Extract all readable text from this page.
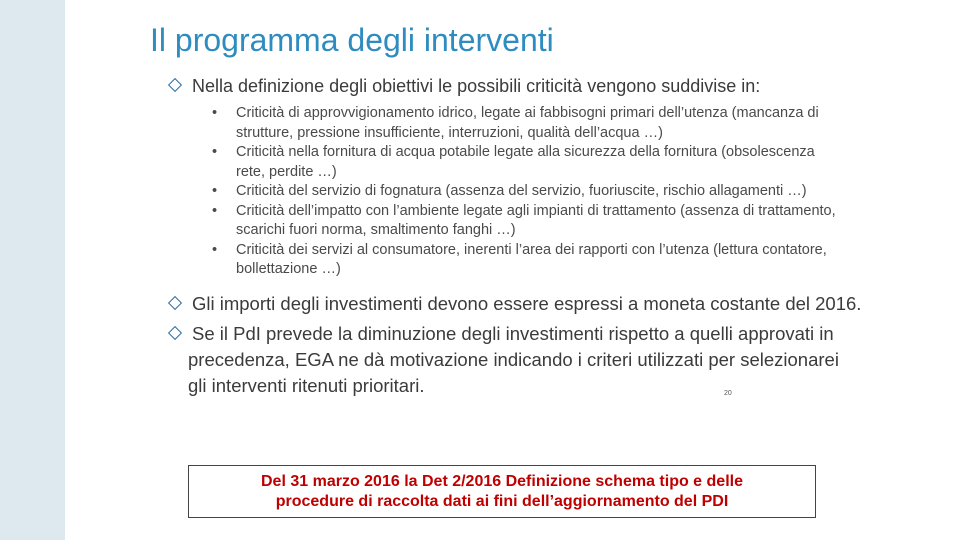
Il programma degli interventi
Nella definizione degli obiettivi le possibili criticità vengono suddivise in:
• Criticità di approvvigionamento idrico, legate ai fabbisogni primari dell’utenza (mancanza di
strutture, pressione insufficiente, interruzioni, qualità dell’acqua …)
• Criticità nella fornitura di acqua potabile legate alla sicurezza della fornitura (obsolescenza
rete, perdite …)
• Criticità del servizio di fognatura (assenza del servizio, fuoriuscite, rischio allagamenti …)
• Criticità dell’impatto con l’ambiente legate agli impianti di trattamento (assenza di trattamento,
scarichi fuori norma, smaltimento fanghi …)
• Criticità dei servizi al consumatore, inerenti l’area dei rapporti con l’utenza (lettura contatore,
bollettazione …)
Gli importi degli investimenti devono essere espressi a moneta costante del 2016.
Se il PdI prevede la diminuzione degli investimenti rispetto a quelli approvati in
precedenza, EGA ne dà motivazione indicando i criteri utilizzati per selezionarei
gli interventi ritenuti prioritari.	20
Del 31 marzo 2016 la Det 2/2016 Definizione schema tipo e delle
procedure di raccolta dati ai fini dell’aggiornamento del PDI
